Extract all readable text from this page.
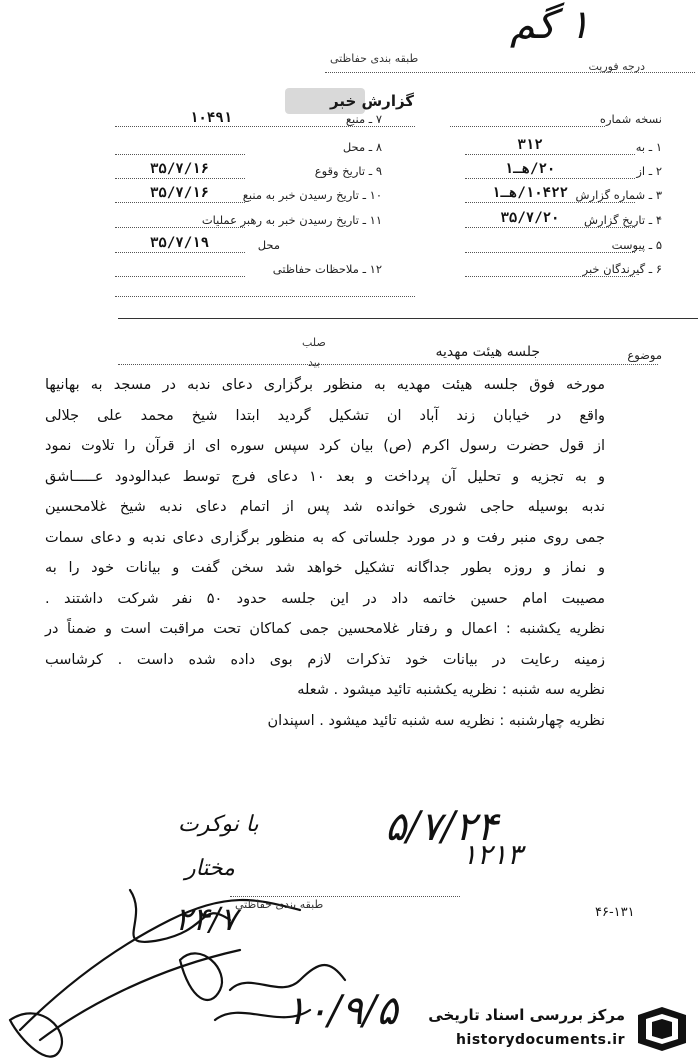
درجه فوریت
۱ گم
طبقه بندی حفاظتی
گزارش خبر
نسخه شماره
۱۰۴۹۱
۱ ـ به
۳۱۲
۲ ـ از
۲۰/هـ۱
۳ ـ شماره گزارش
۱۰۴۲۲/هـ۱
۴ ـ تاریخ گزارش
۳۵/۷/۲۰
۵ ـ پیوست
۶ ـ گیرندگان خبر
۷ ـ منبع
۸ ـ محل
۹ ـ تاریخ وقوع
۳۵/۷/۱۶
۱۰ ـ تاریخ رسیدن خبر به منبع
۳۵/۷/۱۶
۱۱ ـ تاریخ رسیدن خبر به رهبر عملیات
محل
۳۵/۷/۱۹
۱۲ ـ ملاحظات حفاظتی
صلب
بید
موضوع
جلسه هیئت مهدیه
مورخه فوق جلسه هیئت مهدیه به منظور برگزاری دعای ندبه در مسجد به بهانیها
واقع در خیابان زند آباد ان تشکیل گردید ابتدا شیخ محمد علی جلالی
از قول حضرت رسول اکرم (ص) بیان کرد سپس سوره ای از قرآن را تلاوت نمود
و به تجزیه و تحلیل آن پرداخت و بعد ۱۰ دعای فرج توسط عبدالودود عـــــاشق
ندبه بوسیله حاجی شوری خوانده شد پس از اتمام دعای ندبه شیخ غلامحسین
جمی روی منبر رفت و در مورد جلساتی که به منظور برگزاری دعای ندبه و دعای سمات
و نماز و روزه بطور جداگانه تشکیل خواهد شد سخن گفت و بیانات خود را به
مصیبت امام حسین خاتمه داد در این جلسه حدود ۵۰ نفر شرکت داشتند .
نظریه یکشنبه : اعمال و رفتار غلامحسین جمی کماکان تحت مراقبت است و ضمناً در
زمینه رعایت در بیانات خود تذکرات لازم بوی داده شده داست . کرشاسب
نظریه سه شنبه : نظریه یکشنبه تائید میشود . شعله
نظریه چهارشنبه : نظریه سه شنبه تائید میشود . اسپندان
با نوکرت	۵/۷/۲۴
۱۲۱۳
مختار
۲۴/۷
۱۰/۹/۵
طبقه بندی حفاظتی
۴۶-۱۳۱
مرکز بررسی اسناد تاریخی
historydocuments.ir
